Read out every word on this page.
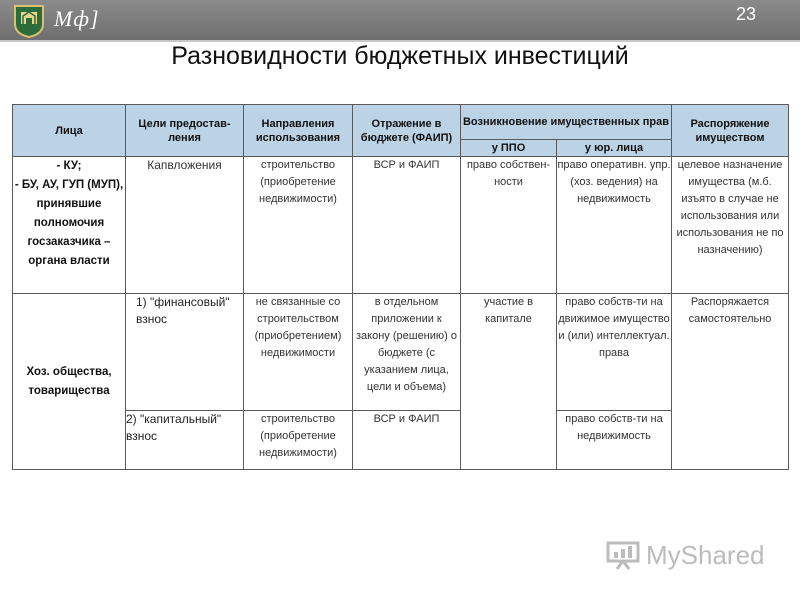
Мф]	23
Разновидности бюджетных инвестиций
Лица	Цели предостав-ления	Направления использования	Отражение в бюджете (ФАИП)	Возникновение имущественных прав		Распоряжение имуществом
				у ППО	у юр. лица	
- КУ;
- БУ, АУ, ГУП (МУП), принявшие полномочия госзаказчика – органа власти	Капвложения	строительство (приобретение недвижимости)	ВСР и ФАИП	право собствен-ности	право оперативн. упр. (хоз. ведения) на недвижимость	целевое назначение имущества (м.б. изъято в случае не использования или использования не по назначению)
Хоз. общества, товарищества	1) "финансовый" взнос	не связанные со строительством (приобретением) недвижимости	в отдельном приложении к закону (решению) о бюджете (с указанием лица, цели и объема)	участие в капитале	право собств-ти на движимое имущество и (или) интеллектуал. права	Распоряжается самостоятельно
	2) "капитальный" взнос	строительство (приобретение недвижимости)	ВСР и ФАИП		право собств-ти на недвижимость	
MyShared
